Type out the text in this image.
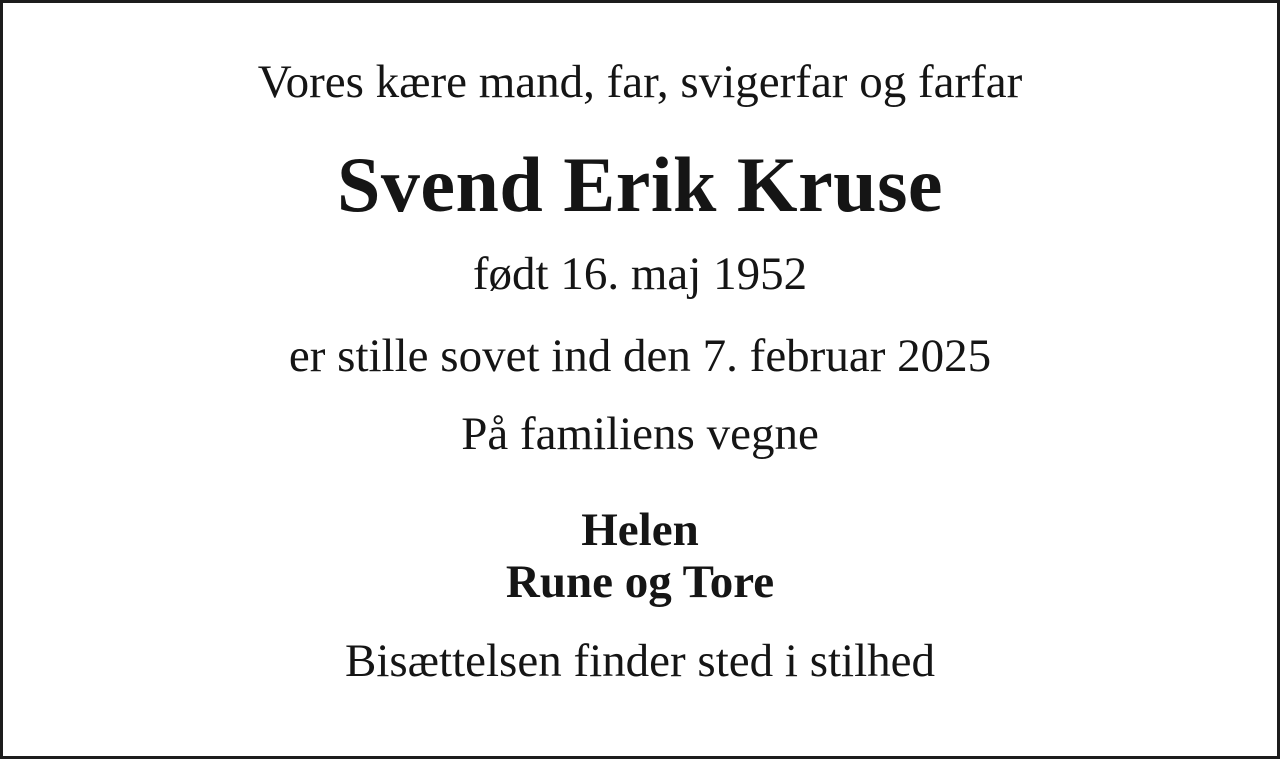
Vores kære mand, far, svigerfar og farfar
Svend Erik Kruse
født 16. maj 1952
er stille sovet ind den 7. februar 2025
På familiens vegne
Helen
Rune og Tore
Bisættelsen finder sted i stilhed
